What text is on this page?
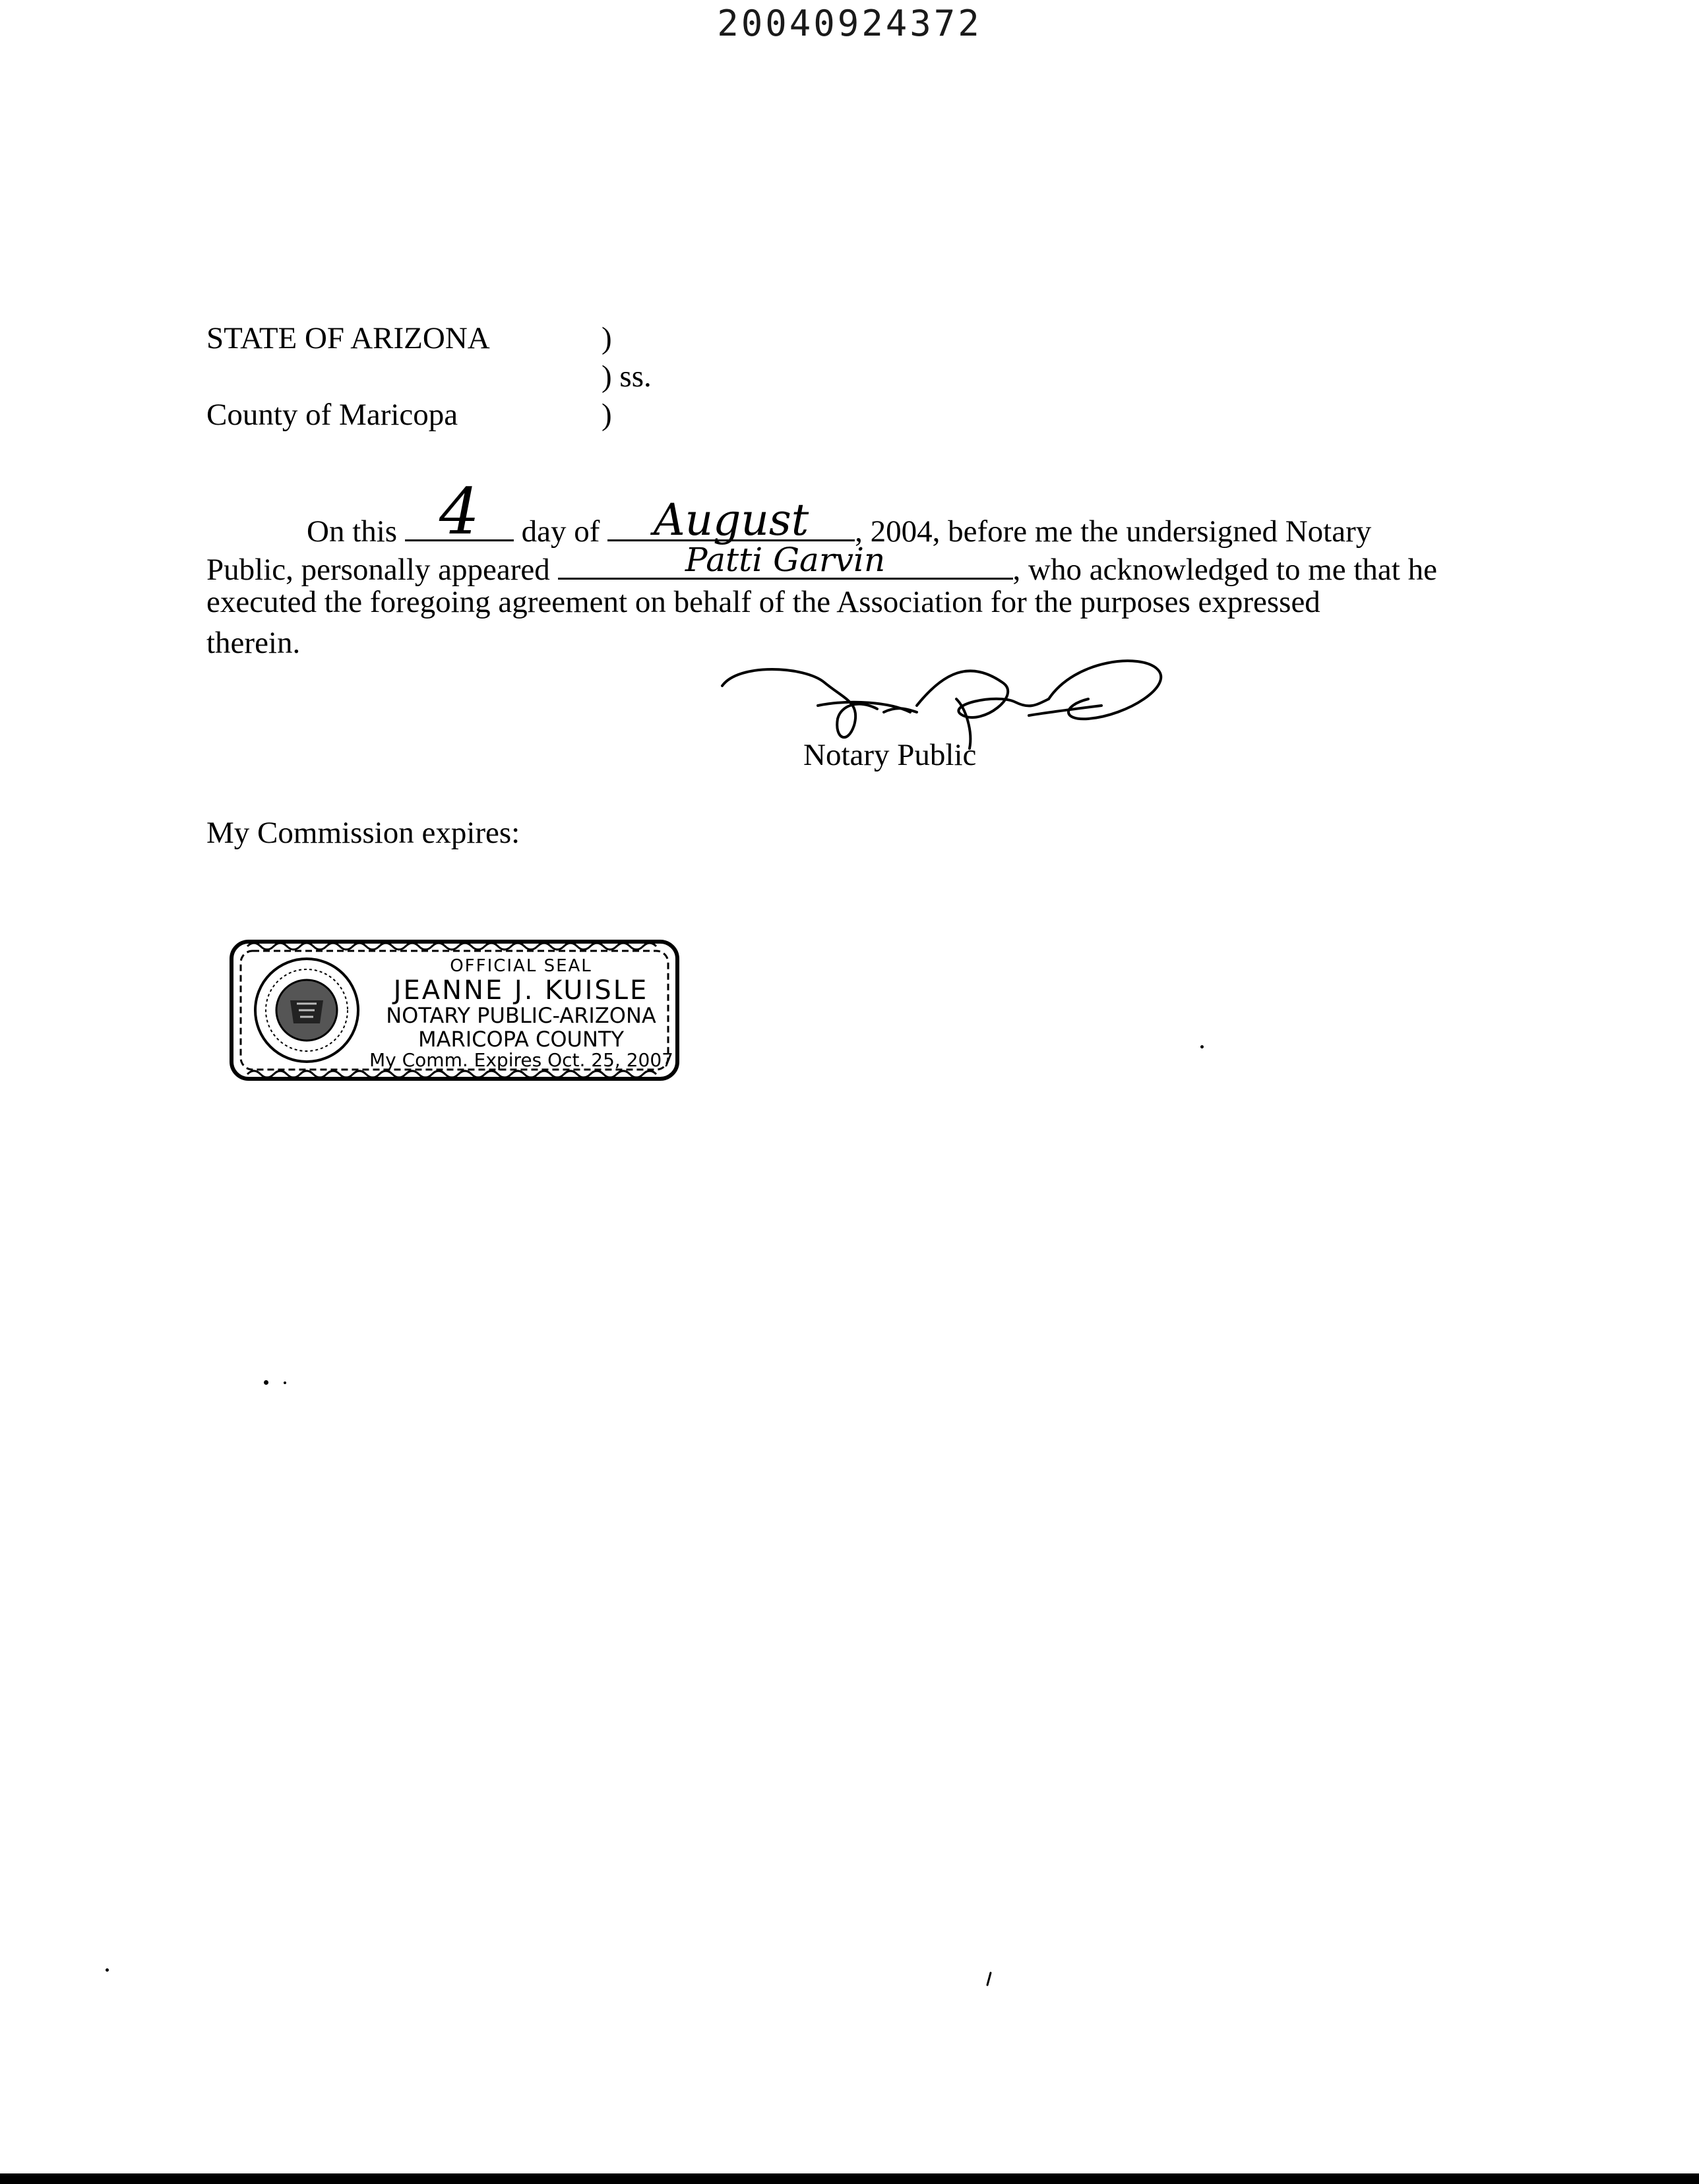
20040924372
STATE OF ARIZONA	)
) ss.
County of Maricopa	)
On this 4	day of	August	, 2004, before me the undersigned Notary
Public, personally appeared	Patti Garvin	, who acknowledged to me that he
executed the foregoing agreement on behalf of the Association for the purposes expressed
therein.
Notary Public
My Commission expires:
OFFICIAL SEAL
JEANNE J. KUISLE
NOTARY PUBLIC-ARIZONA
MARICOPA COUNTY
My Comm. Expires Oct. 25, 2007
